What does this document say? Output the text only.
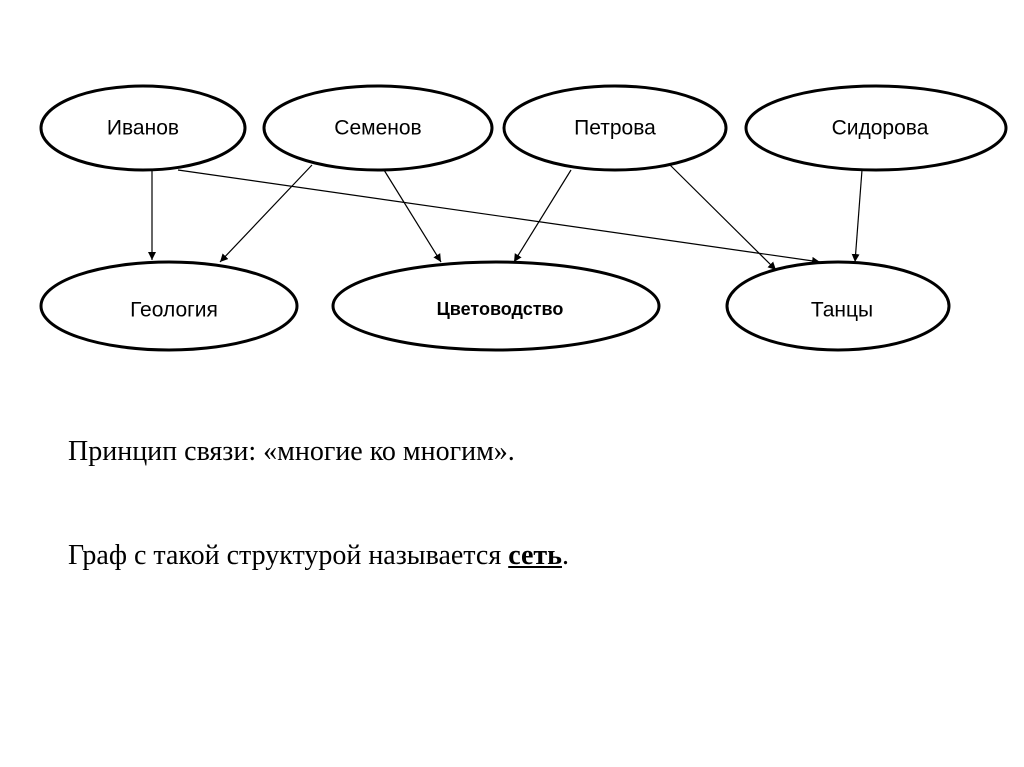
Иванов	Семенов	Петрова	Сидорова
Геология	Цветоводство	Танцы

Принцип связи: «многие ко многим».

Граф с такой структурой называется сеть.
